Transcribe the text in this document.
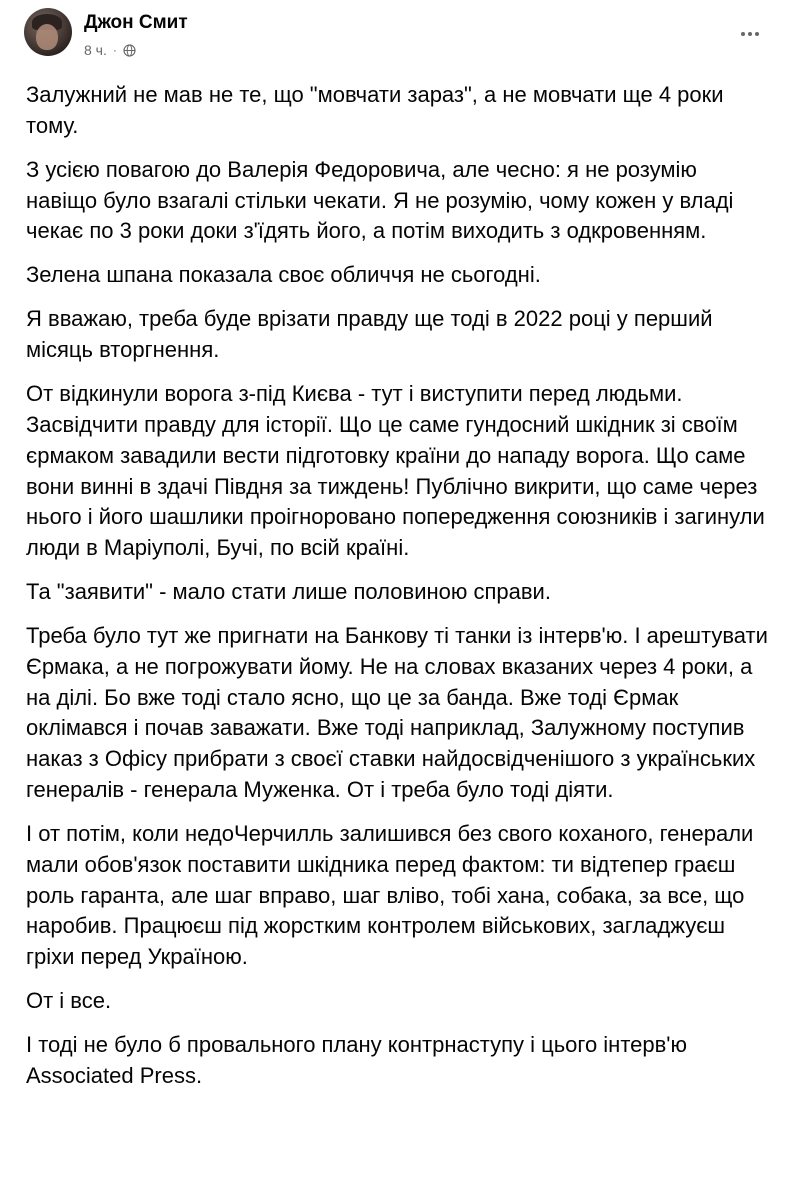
Джон Смит
8 ч. ·

Залужний не мав не те, що "мовчати зараз", а не мовчати ще 4 роки тому.

З усією повагою до Валерія Федоровича, але чесно: я не розумію навіщо було взагалі стільки чекати. Я не розумію, чому кожен у владі чекає по 3 роки доки з'їдять його, а потім виходить з одкровенням.

Зелена шпана показала своє обличчя не сьогодні.

Я вважаю, треба буде врізати правду ще тоді в 2022 році у перший місяць вторгнення.

От відкинули ворога з-під Києва - тут і виступити перед людьми. Засвідчити правду для історії. Що це саме гундосний шкідник зі своїм єрмаком завадили вести підготовку країни до нападу ворога. Що саме вони винні в здачі Півдня за тиждень! Публічно викрити, що саме через нього і його шашлики проігноровано попередження союзників і загинули люди в Маріуполі, Бучі, по всій країні.

Та "заявити" - мало стати лише половиною справи.

Треба було тут же пригнати на Банкову ті танки із інтерв'ю. І арештувати Єрмака, а не погрожувати йому. Не на словах вказаних через 4 роки, а на ділі. Бо вже тоді стало ясно, що це за банда. Вже тоді Єрмак оклімався і почав заважати. Вже тоді наприклад, Залужному поступив наказ з Офісу прибрати з своєї ставки найдосвідченішого з українських генералів - генерала Муженка. От і треба було тоді діяти.

І от потім, коли недоЧерчилль залишився без свого коханого, генерали мали обов'язок поставити шкідника перед фактом: ти відтепер граєш роль гаранта, але шаг вправо, шаг вліво, тобі хана, собака, за все, що наробив. Працюєш під жорстким контролем військових, загладжуєш гріхи перед Україною.

От і все.

І тоді не було б провального плану контрнаступу і цього інтерв'ю Associated Press.
